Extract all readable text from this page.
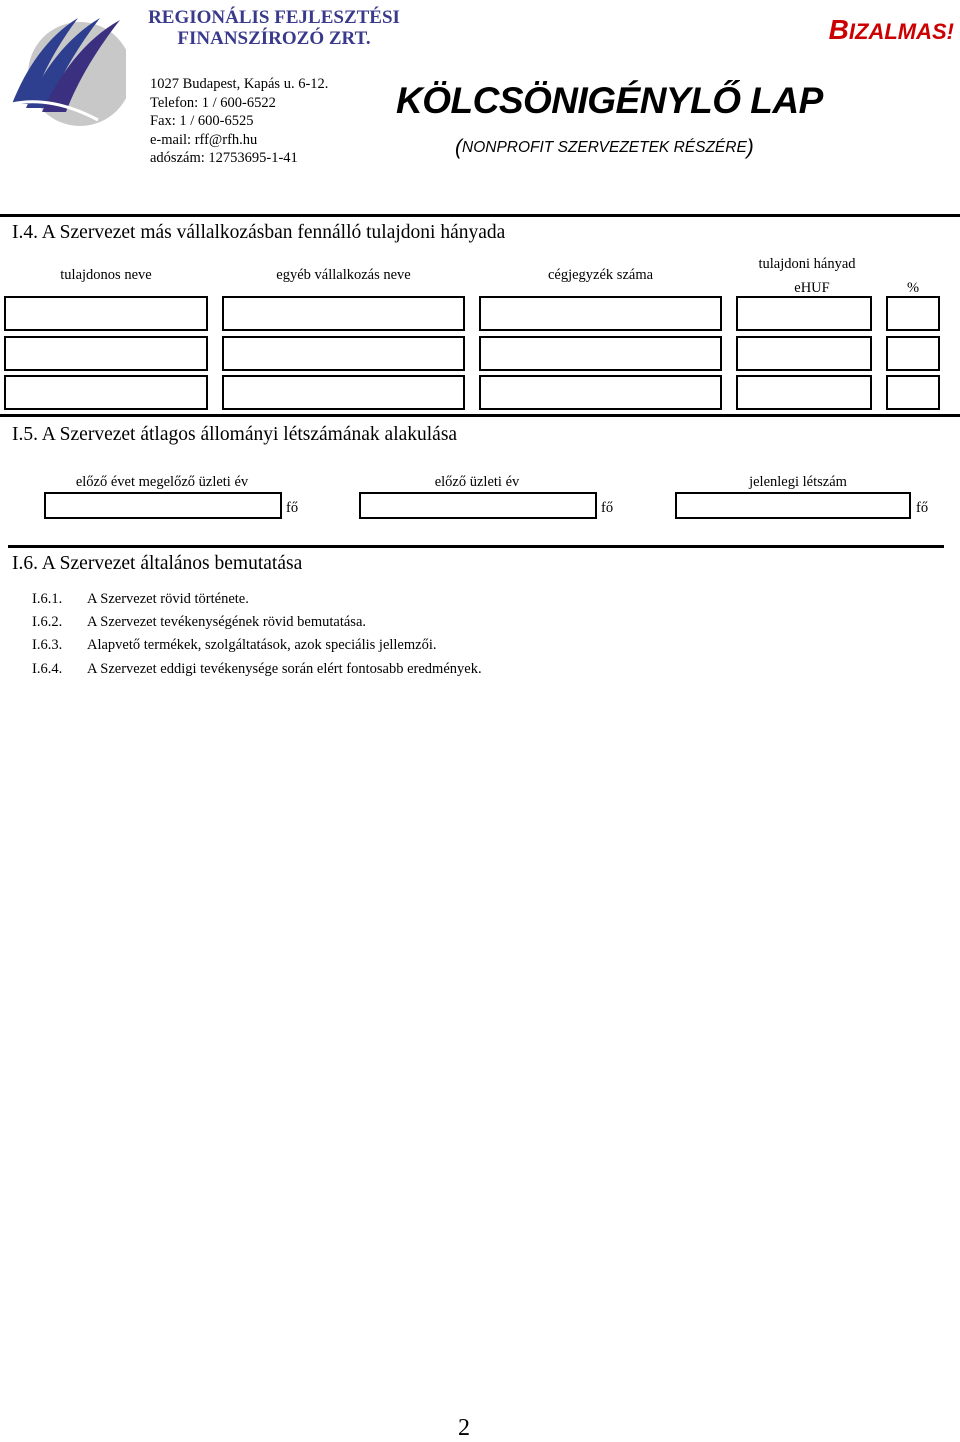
REGIONÁLIS FEJLESZTÉSI FINANSZÍROZÓ ZRT.
1027 Budapest, Kapás u. 6-12.
Telefon: 1 / 600-6522
Fax: 1 / 600-6525
e-mail: rff@rfh.hu
adószám: 12753695-1-41
BIZALMAS!
KÖLCSÖNIGÉNYLŐ LAP
(NONPROFIT SZERVEZETEK RÉSZÉRE)
I.4. A Szervezet más vállalkozásban fennálló tulajdoni hányada
tulajdonos neve	egyéb vállalkozás neve	cégjegyzék száma
tulajdoni hányad
eHUF	%
I.5. A Szervezet átlagos állományi létszámának alakulása
előző évet megelőző üzleti év	előző üzleti év	jelenlegi létszám
fő	fő	fő
I.6. A Szervezet általános bemutatása
I.6.1. A Szervezet rövid története.
I.6.2. A Szervezet tevékenységének rövid bemutatása.
I.6.3. Alapvető termékek, szolgáltatások, azok speciális jellemzői.
I.6.4. A Szervezet eddigi tevékenysége során elért fontosabb eredmények.
2
